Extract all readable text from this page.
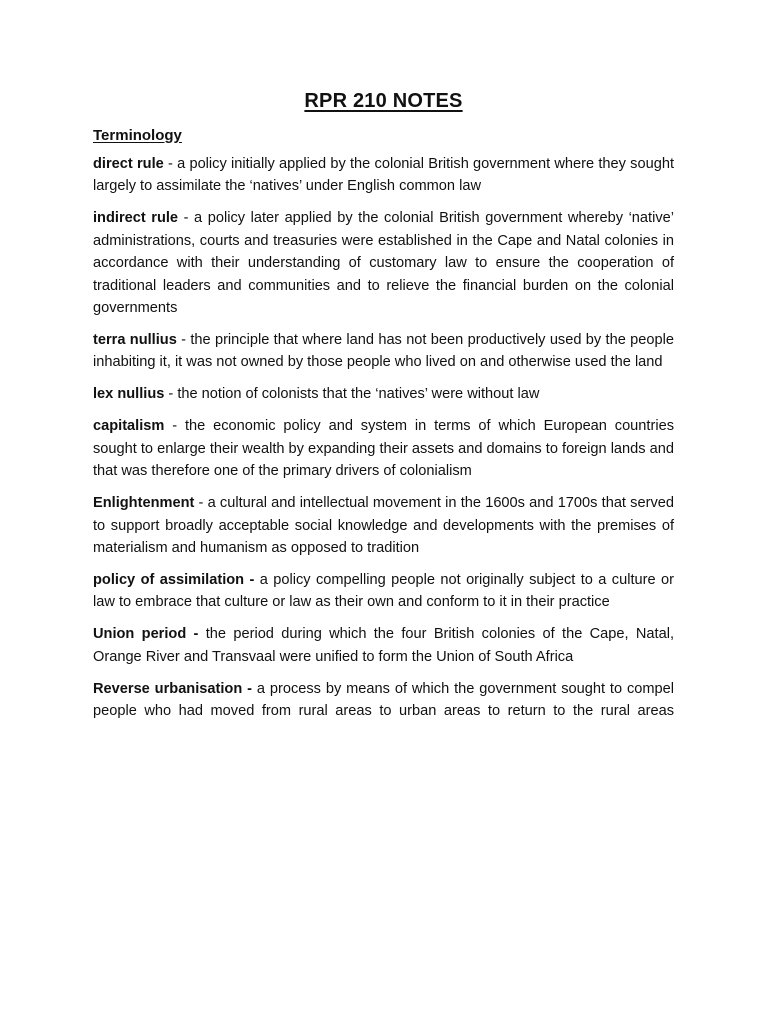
RPR 210 NOTES
Terminology

direct rule - a policy initially applied by the colonial British government where they sought largely to assimilate the ‘natives’ under English common law

indirect rule - a policy later applied by the colonial British government whereby ‘native’ administrations, courts and treasuries were established in the Cape and Natal colonies in accordance with their understanding of customary law to ensure the cooperation of traditional leaders and communities and to relieve the financial burden on the colonial governments

terra nullius - the principle that where land has not been productively used by the people inhabiting it, it was not owned by those people who lived on and otherwise used the land

lex nullius - the notion of colonists that the ‘natives’ were without law

capitalism - the economic policy and system in terms of which European countries sought to enlarge their wealth by expanding their assets and domains to foreign lands and that was therefore one of the primary drivers of colonialism

Enlightenment - a cultural and intellectual movement in the 1600s and 1700s that served to support broadly acceptable social knowledge and developments with the premises of materialism and humanism as opposed to tradition

policy of assimilation - a policy compelling people not originally subject to a culture or law to embrace that culture or law as their own and conform to it in their practice

Union period - the period during which the four British colonies of the Cape, Natal, Orange River and Transvaal were unified to form the Union of South Africa

Reverse urbanisation - a process by means of which the government sought to compel people who had moved from rural areas to urban areas to return to the rural areas
